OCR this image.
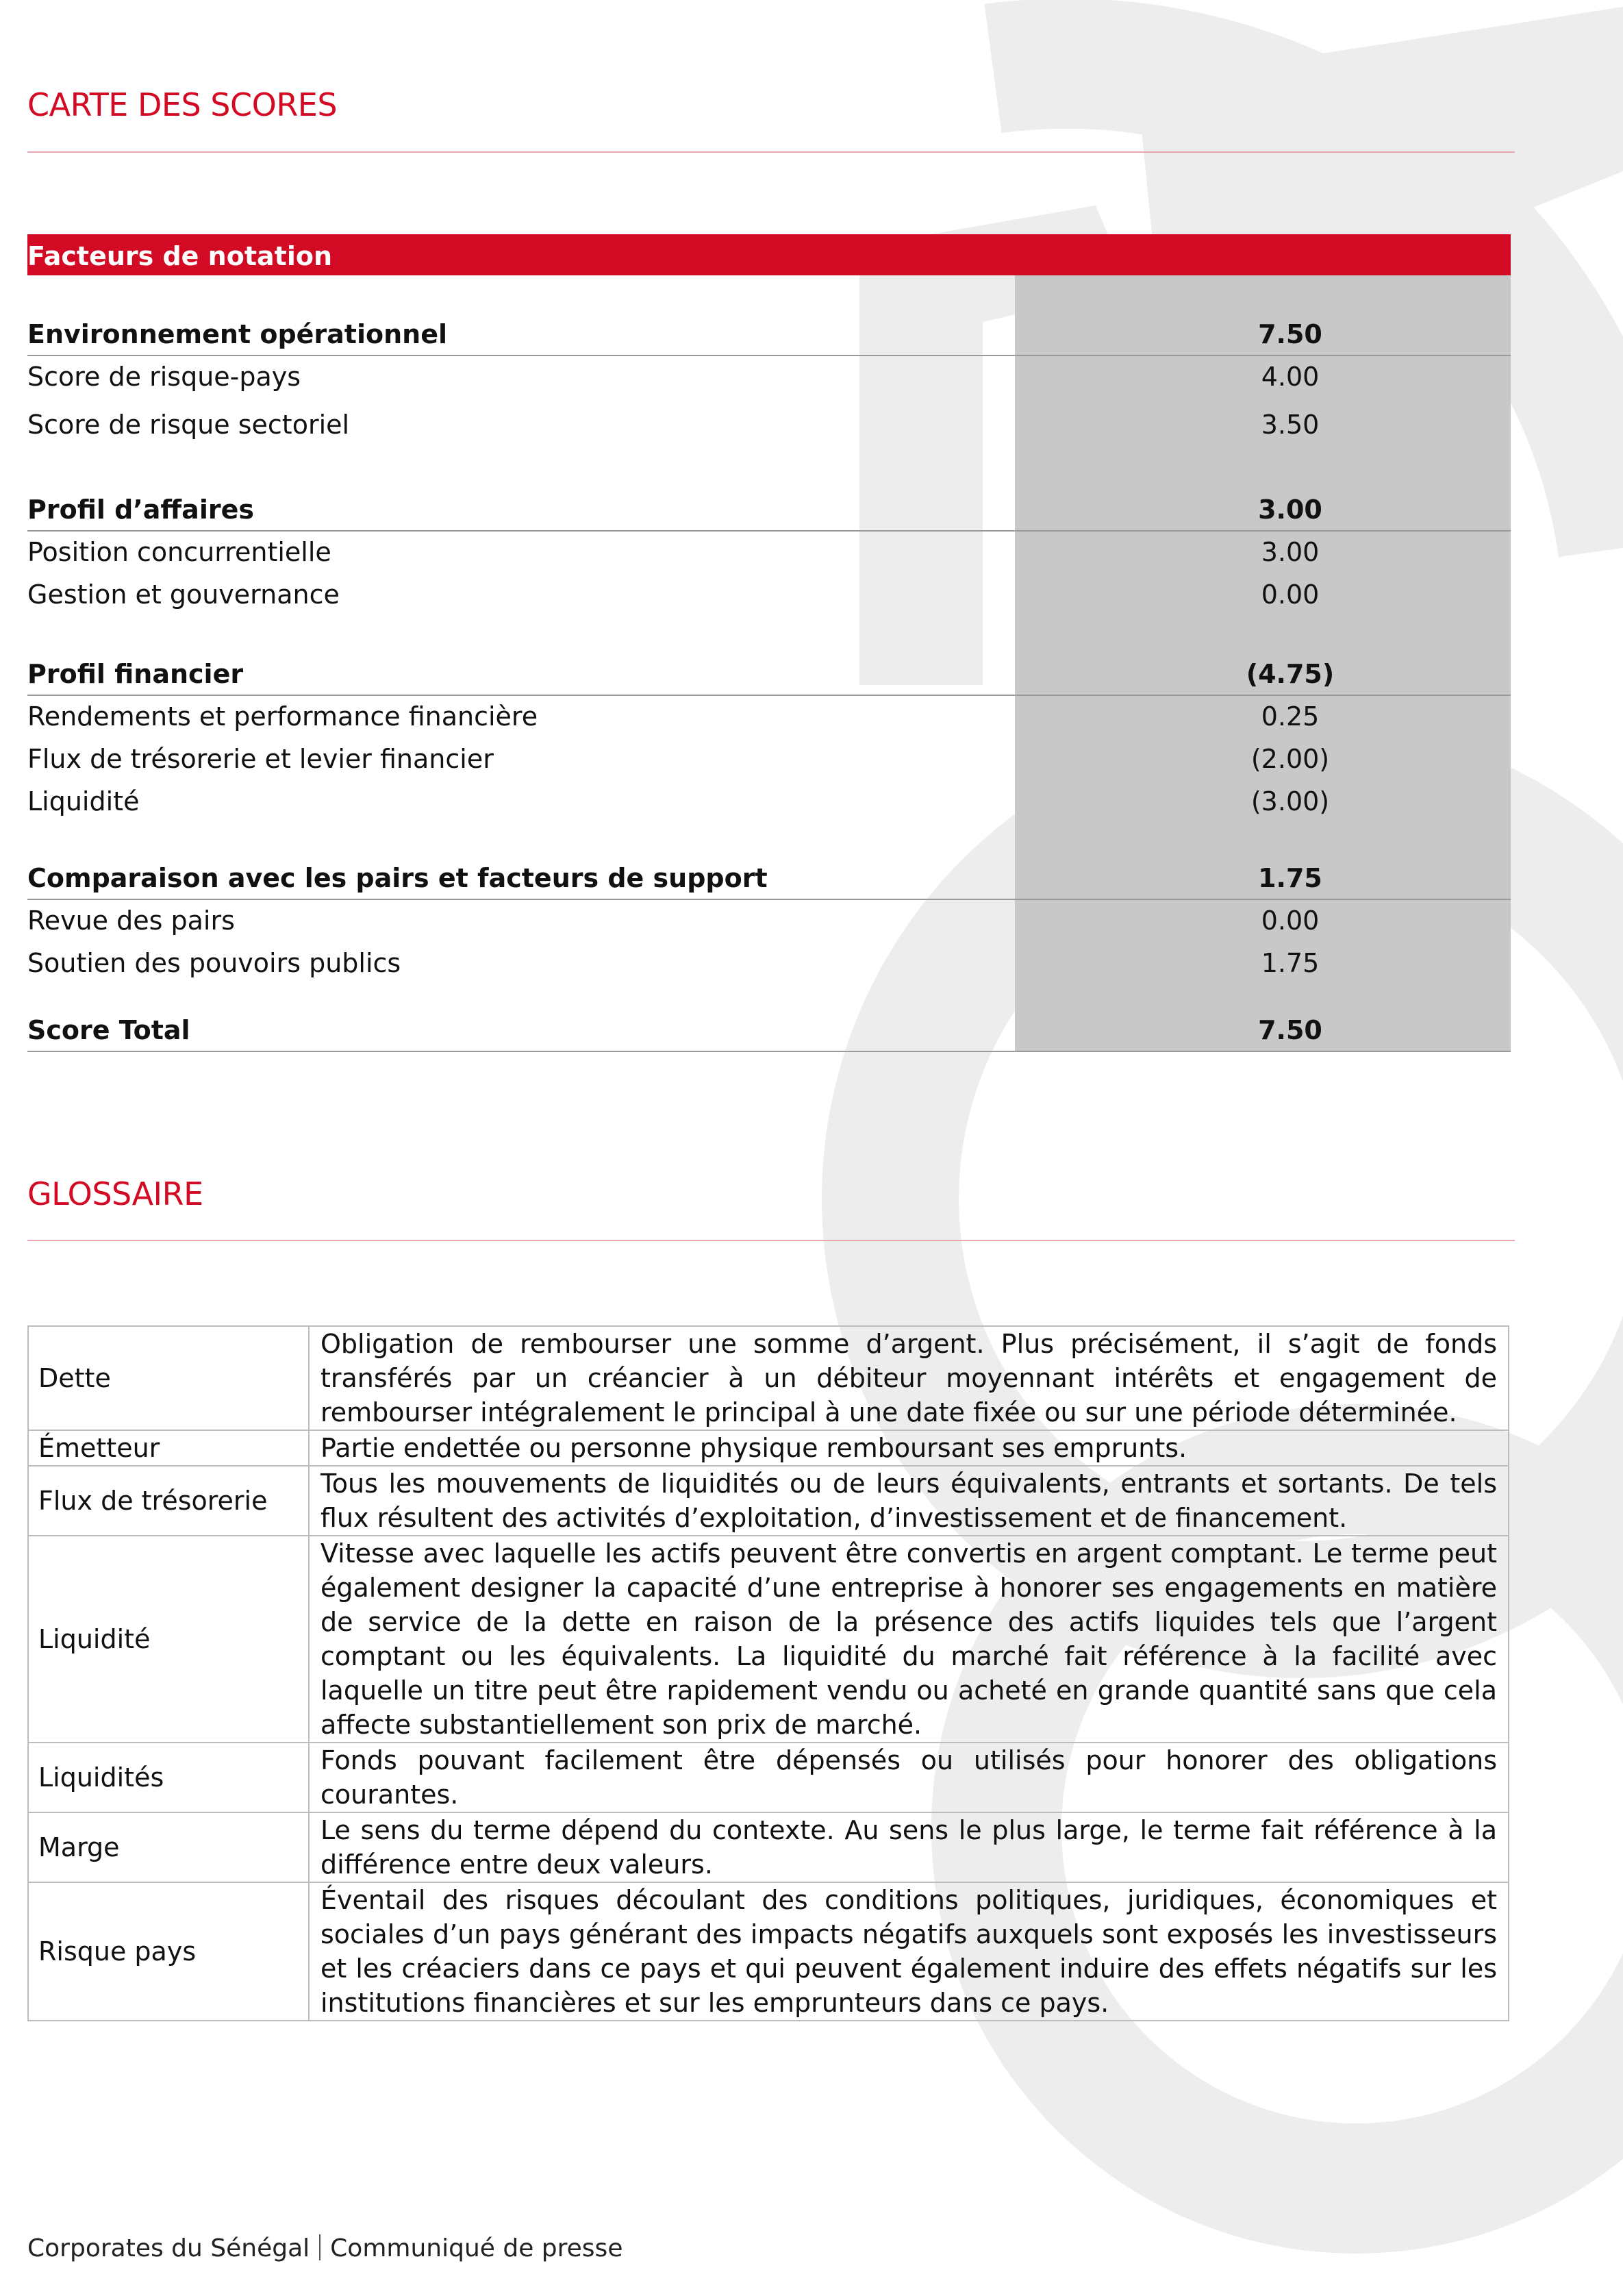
CARTE DES SCORES
Facteurs de notation
Environnement opérationnel	7.50
Score de risque-pays	4.00
Score de risque sectoriel	3.50
Profil d’affaires	3.00
Position concurrentielle	3.00
Gestion et gouvernance	0.00
Profil financier	(4.75)
Rendements et performance financière	0.25
Flux de trésorerie et levier financier	(2.00)
Liquidité	(3.00)
Comparaison avec les pairs et facteurs de support	1.75
Revue des pairs	0.00
Soutien des pouvoirs publics	1.75
Score Total	7.50
GLOSSAIRE
Dette	Obligation de rembourser une somme d’argent. Plus précisément, il s’agit de fonds transférés par un créancier à un débiteur moyennant intérêts et engagement de rembourser intégralement le principal à une date fixée ou sur une période déterminée.
Émetteur	Partie endettée ou personne physique remboursant ses emprunts.
Flux de trésorerie	Tous les mouvements de liquidités ou de leurs équivalents, entrants et sortants. De tels flux résultent des activités d’exploitation, d’investissement et de financement.
Liquidité	Vitesse avec laquelle les actifs peuvent être convertis en argent comptant. Le terme peut également designer la capacité d’une entreprise à honorer ses engagements en matière de service de la dette en raison de la présence des actifs liquides tels que l’argent comptant ou les équivalents. La liquidité du marché fait référence à la facilité avec laquelle un titre peut être rapidement vendu ou acheté en grande quantité sans que cela affecte substantiellement son prix de marché.
Liquidités	Fonds pouvant facilement être dépensés ou utilisés pour honorer des obligations courantes.
Marge	Le sens du terme dépend du contexte. Au sens le plus large, le terme fait référence à la différence entre deux valeurs.
Risque pays	Éventail des risques découlant des conditions politiques, juridiques, économiques et sociales d’un pays générant des impacts négatifs auxquels sont exposés les investisseurs et les créaciers dans ce pays et qui peuvent également induire des effets négatifs sur les institutions financières et sur les emprunteurs dans ce pays.
Corporates du Sénégal Communiqué de presse
